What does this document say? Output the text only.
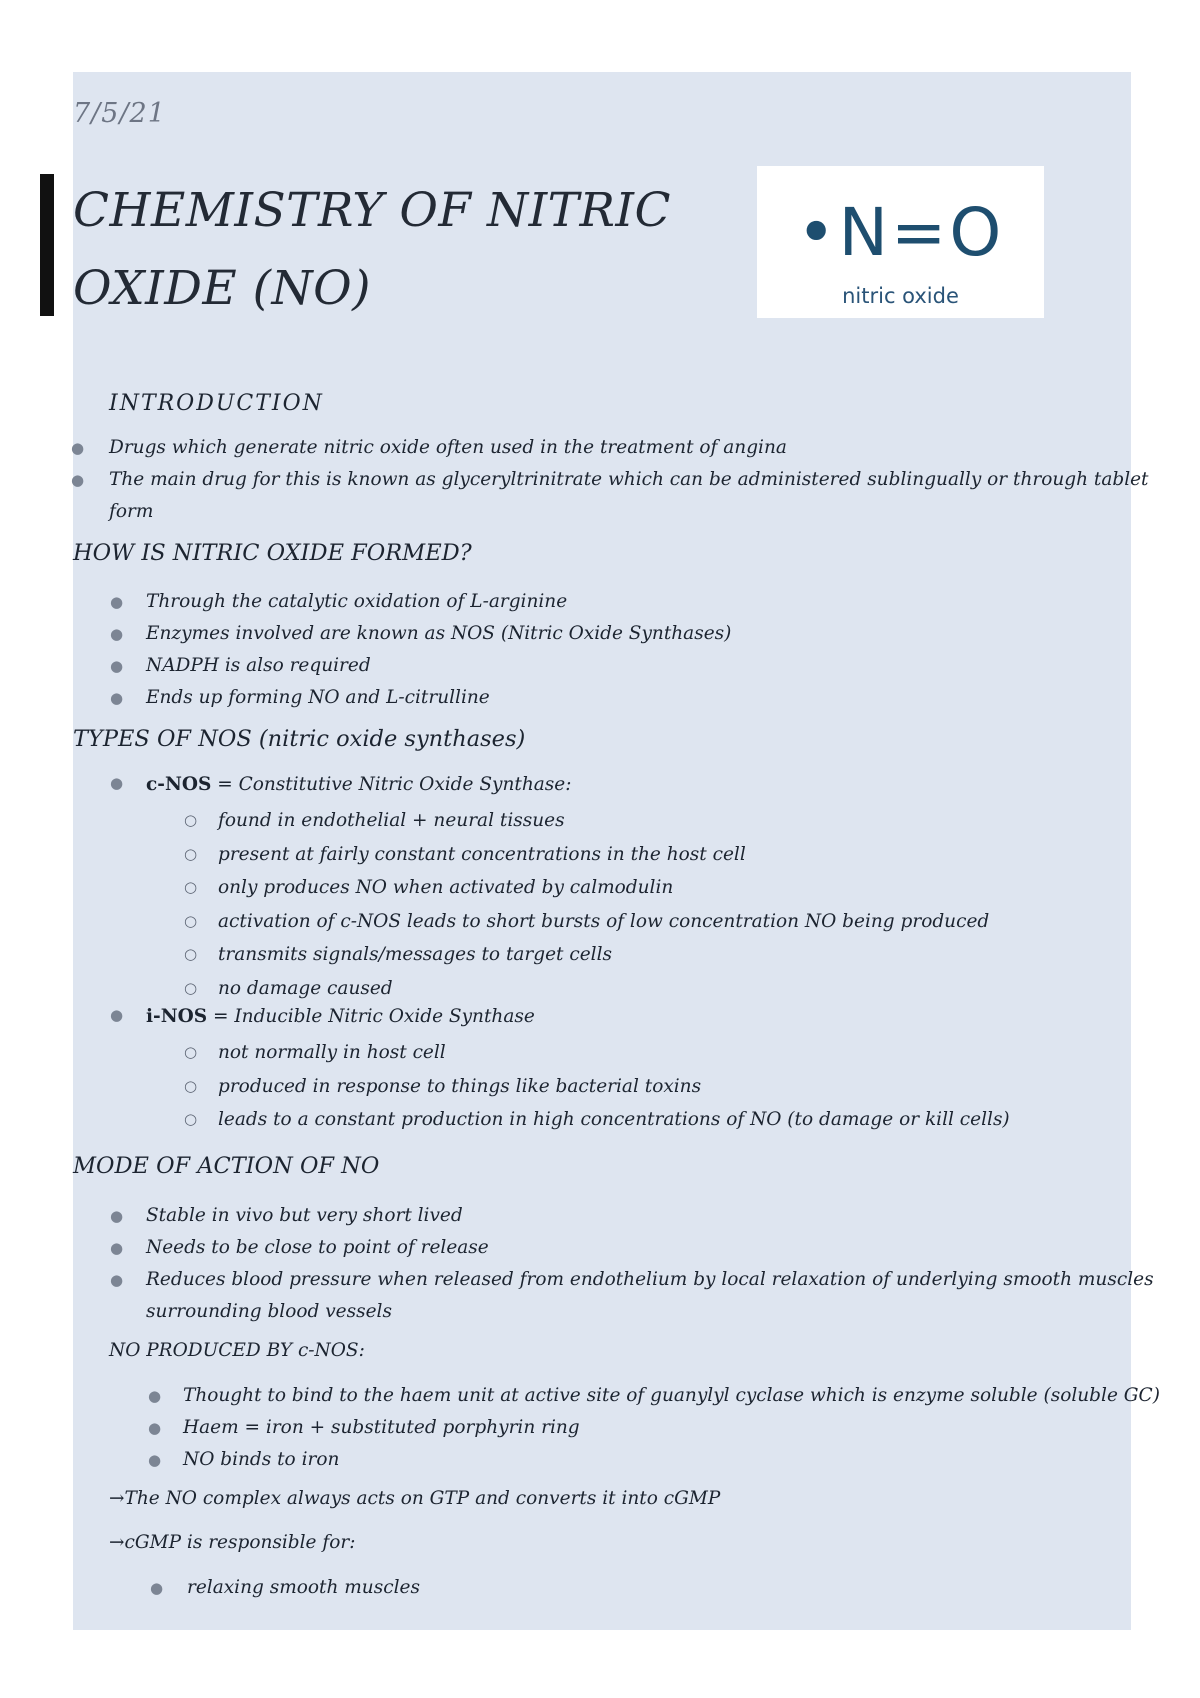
7/5/21
CHEMISTRY OF NITRIC
OXIDE (NO)
•N=O
nitric oxide
INTRODUCTION
● Drugs which generate nitric oxide often used in the treatment of angina
● The main drug for this is known as glyceryltrinitrate which can be administered sublingually or through tablet
form
HOW IS NITRIC OXIDE FORMED?
● Through the catalytic oxidation of L-arginine
● Enzymes involved are known as NOS (Nitric Oxide Synthases)
● NADPH is also required
● Ends up forming NO and L-citrulline
TYPES OF NOS (nitric oxide synthases)
● c-NOS = Constitutive Nitric Oxide Synthase:
○ found in endothelial + neural tissues
○ present at fairly constant concentrations in the host cell
○ only produces NO when activated by calmodulin
○ activation of c-NOS leads to short bursts of low concentration NO being produced
○ transmits signals/messages to target cells
○ no damage caused
● i-NOS = Inducible Nitric Oxide Synthase
○ not normally in host cell
○ produced in response to things like bacterial toxins
○ leads to a constant production in high concentrations of NO (to damage or kill cells)
MODE OF ACTION OF NO
● Stable in vivo but very short lived
● Needs to be close to point of release
● Reduces blood pressure when released from endothelium by local relaxation of underlying smooth muscles
surrounding blood vessels
NO PRODUCED BY c-NOS:
● Thought to bind to the haem unit at active site of guanylyl cyclase which is enzyme soluble (soluble GC)
● Haem = iron + substituted porphyrin ring
● NO binds to iron
→The NO complex always acts on GTP and converts it into cGMP
→cGMP is responsible for:
● relaxing smooth muscles
